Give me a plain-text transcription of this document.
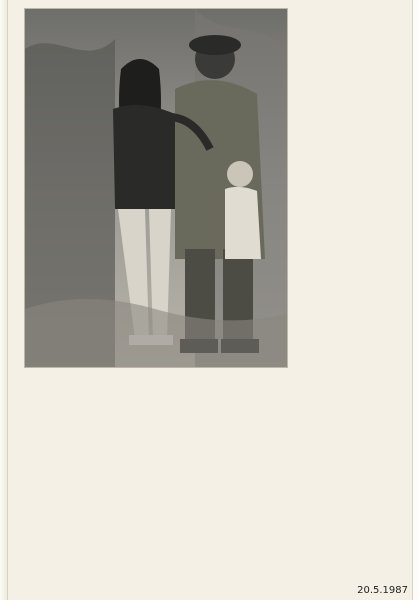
20.5.1987
